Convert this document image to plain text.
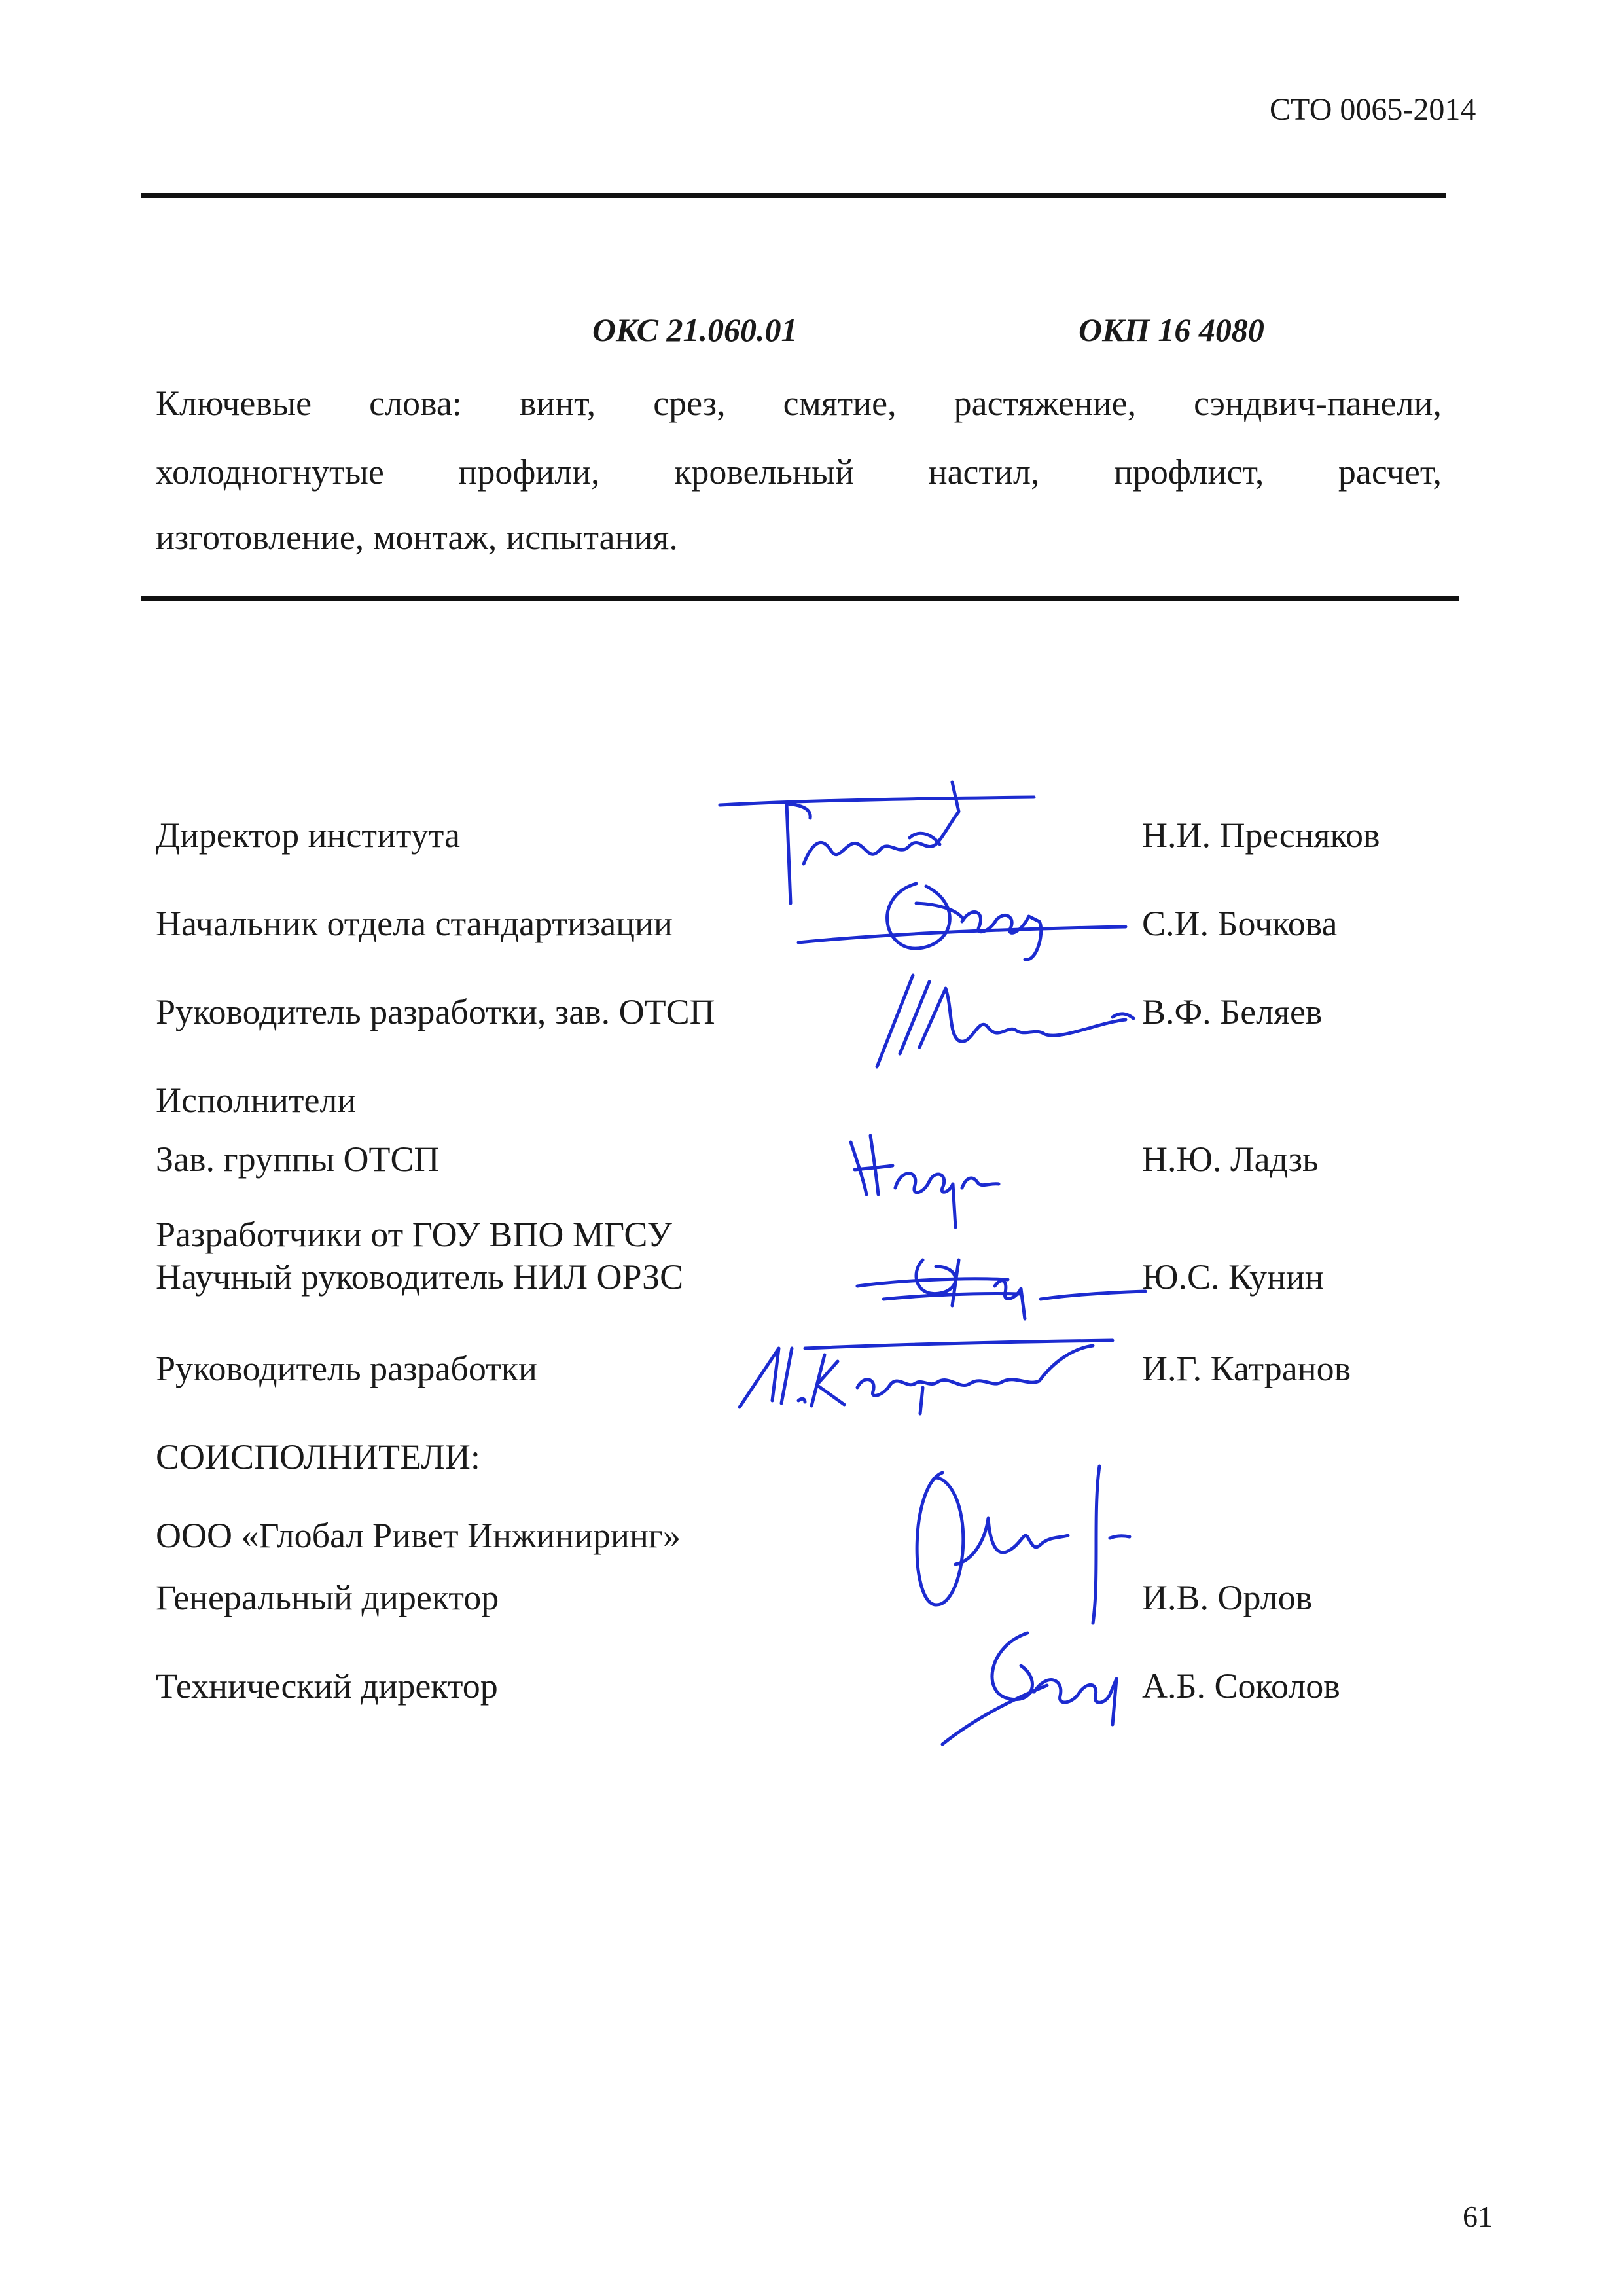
СТО 0065-2014
ОКС 21.060.01	ОКП 16 4080
Ключевые слова: винт, срез, смятие, растяжение, сэндвич-панели,
холодногнутые профили, кровельный настил, профлист, расчет,
изготовление, монтаж, испытания.
Директор института
Начальник отдела стандартизации
Руководитель разработки, зав. ОТСП
Исполнители
Зав. группы ОТСП
Разработчики от ГОУ ВПО МГСУ
Научный руководитель НИЛ ОРЗС
Руководитель разработки
СОИСПОЛНИТЕЛИ:
ООО «Глобал Ривет Инжиниринг»
Генеральный директор
Технический директор
Н.И. Пресняков
С.И. Бочкова
В.Ф. Беляев
Н.Ю. Ладзь
Ю.С. Кунин
И.Г. Катранов
И.В. Орлов
А.Б. Соколов
61
